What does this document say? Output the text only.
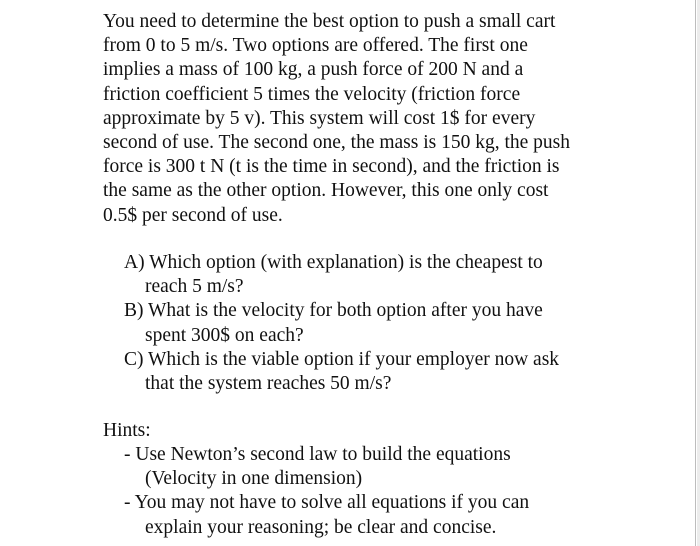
You need to determine the best option to push a small cart
from 0 to 5 m/s. Two options are offered. The first one
implies a mass of 100 kg, a push force of 200 N and a
friction coefficient 5 times the velocity (friction force
approximate by 5 v). This system will cost 1$ for every
second of use. The second one, the mass is 150 kg, the push
force is 300 t N (t is the time in second), and the friction is
the same as the other option. However, this one only cost
0.5$ per second of use.
A) Which option (with explanation) is the cheapest to
reach 5 m/s?
B) What is the velocity for both option after you have
spent 300$ on each?
C) Which is the viable option if your employer now ask
that the system reaches 50 m/s?
Hints:
- Use Newton’s second law to build the equations
(Velocity in one dimension)
- You may not have to solve all equations if you can
explain your reasoning; be clear and concise.
